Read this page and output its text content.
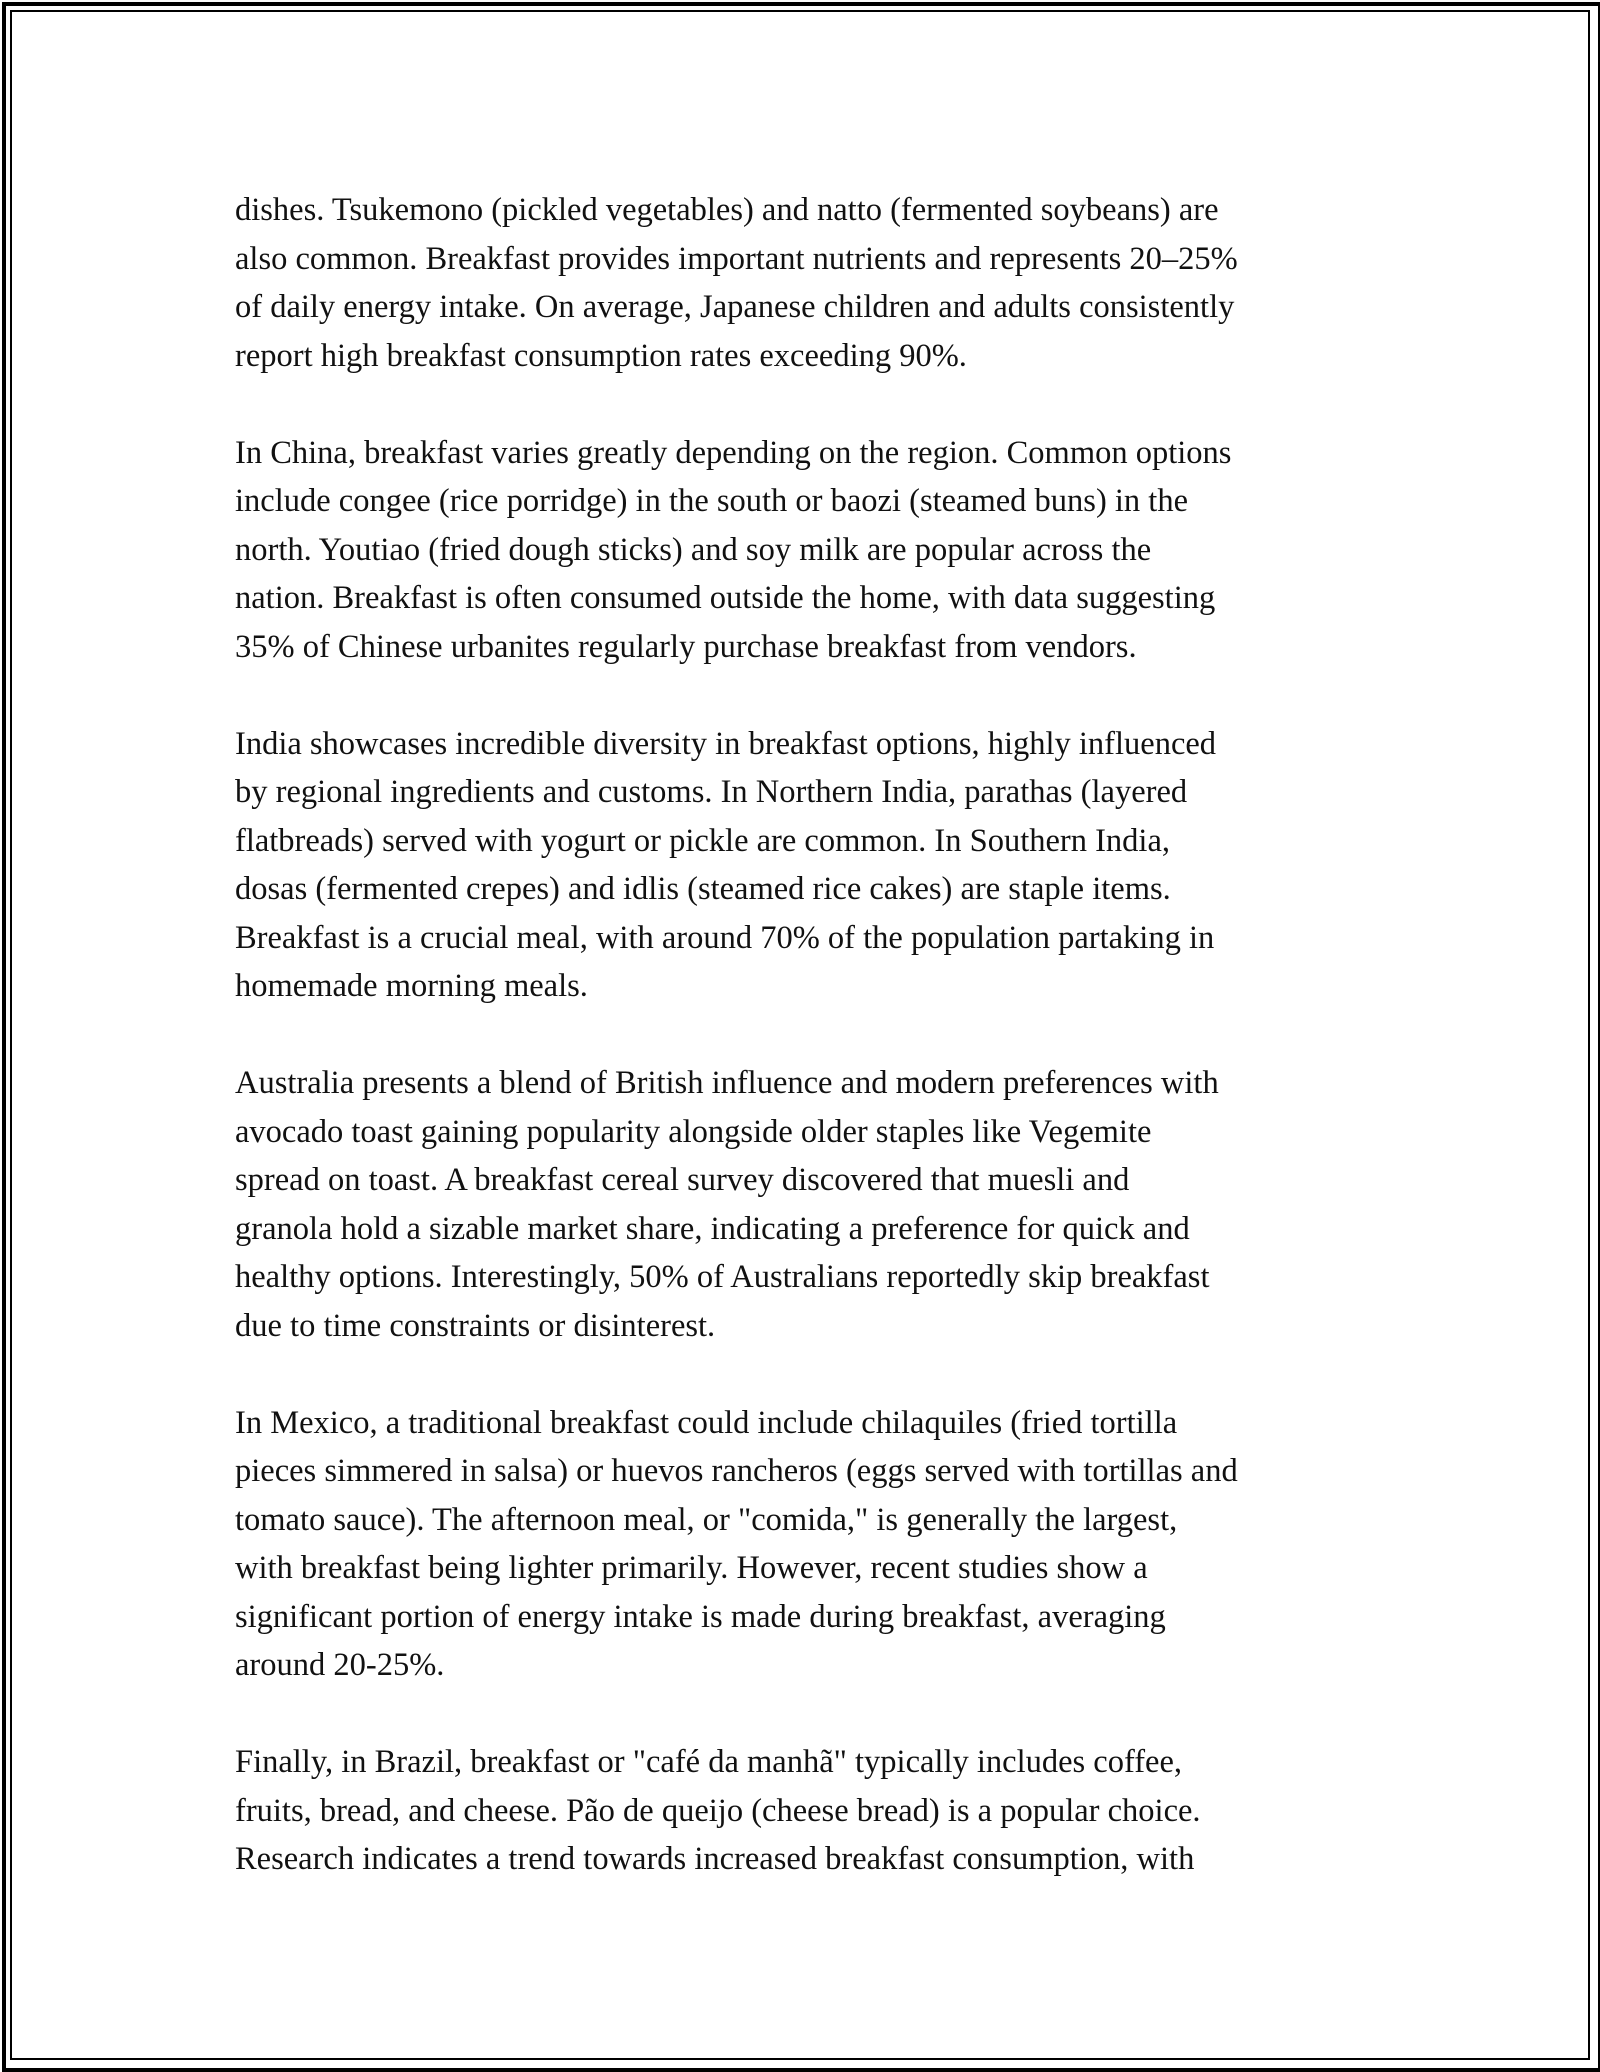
dishes. Tsukemono (pickled vegetables) and natto (fermented soybeans) are
also common. Breakfast provides important nutrients and represents 20–25%
of daily energy intake. On average, Japanese children and adults consistently
report high breakfast consumption rates exceeding 90%.

In China, breakfast varies greatly depending on the region. Common options
include congee (rice porridge) in the south or baozi (steamed buns) in the
north. Youtiao (fried dough sticks) and soy milk are popular across the
nation. Breakfast is often consumed outside the home, with data suggesting
35% of Chinese urbanites regularly purchase breakfast from vendors.

India showcases incredible diversity in breakfast options, highly influenced
by regional ingredients and customs. In Northern India, parathas (layered
flatbreads) served with yogurt or pickle are common. In Southern India,
dosas (fermented crepes) and idlis (steamed rice cakes) are staple items.
Breakfast is a crucial meal, with around 70% of the population partaking in
homemade morning meals.

Australia presents a blend of British influence and modern preferences with
avocado toast gaining popularity alongside older staples like Vegemite
spread on toast. A breakfast cereal survey discovered that muesli and
granola hold a sizable market share, indicating a preference for quick and
healthy options. Interestingly, 50% of Australians reportedly skip breakfast
due to time constraints or disinterest.

In Mexico, a traditional breakfast could include chilaquiles (fried tortilla
pieces simmered in salsa) or huevos rancheros (eggs served with tortillas and
tomato sauce). The afternoon meal, or "comida," is generally the largest,
with breakfast being lighter primarily. However, recent studies show a
significant portion of energy intake is made during breakfast, averaging
around 20-25%.

Finally, in Brazil, breakfast or "café da manhã" typically includes coffee,
fruits, bread, and cheese. Pão de queijo (cheese bread) is a popular choice.
Research indicates a trend towards increased breakfast consumption, with
